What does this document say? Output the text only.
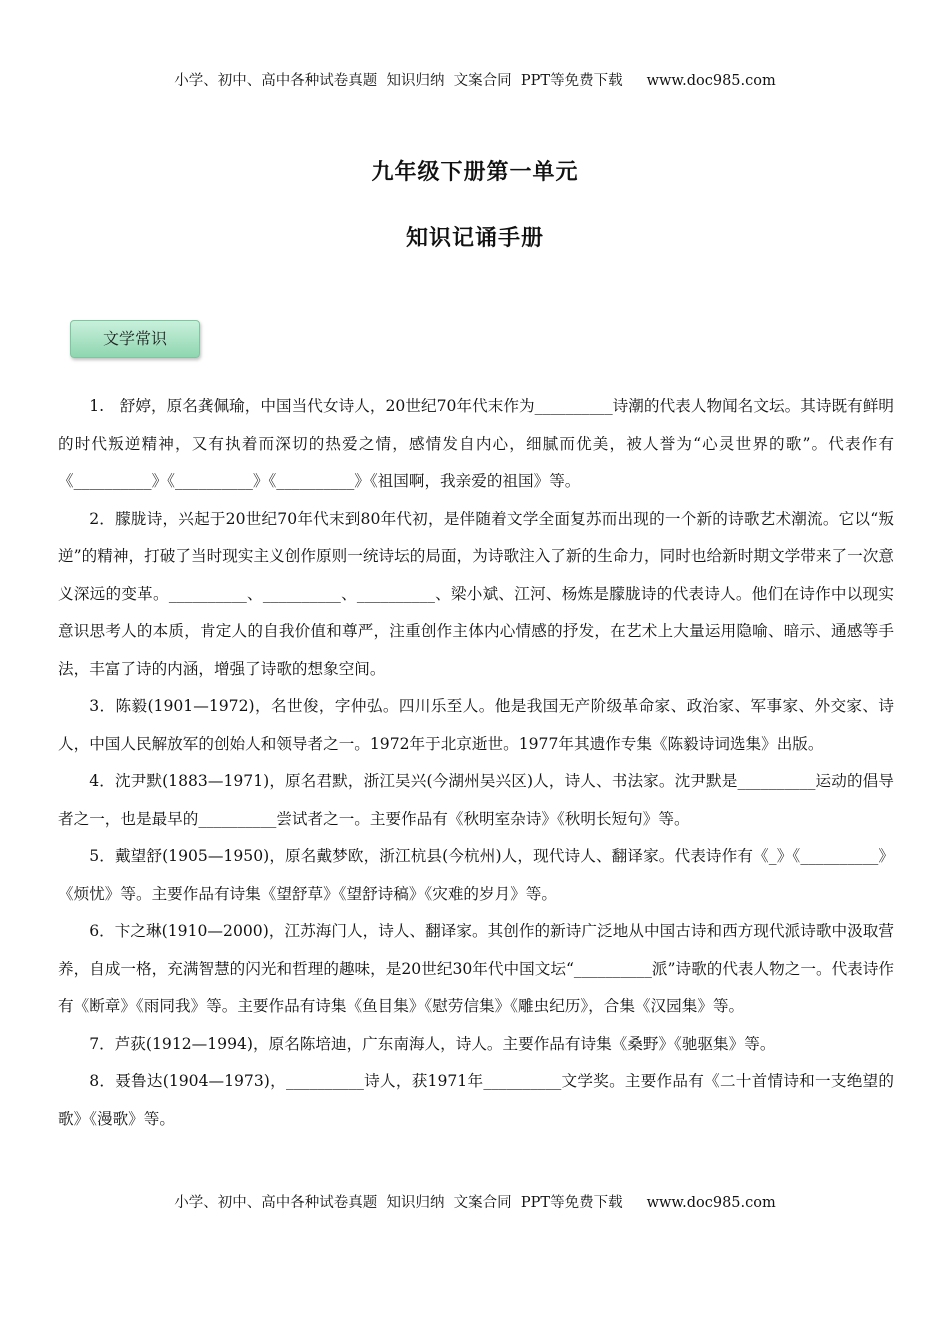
小学、初中、高中各种试卷真题  知识归纳  文案合同  PPT等免费下载 www.doc985.com
九年级下册第一单元
知识记诵手册
文学常识

1.　舒婷，原名龚佩瑜，中国当代女诗人，20世纪70年代末作为__________诗潮的代表人物闻名文坛。其诗既有鲜明的时代叛逆精神，又有执着而深切的热爱之情，感情发自内心，细腻而优美，被人誉为“心灵世界的歌”。代表作有《__________》《__________》《__________》《祖国啊，我亲爱的祖国》等。

2．朦胧诗，兴起于20世纪70年代末到80年代初，是伴随着文学全面复苏而出现的一个新的诗歌艺术潮流。它以“叛逆”的精神，打破了当时现实主义创作原则一统诗坛的局面，为诗歌注入了新的生命力，同时也给新时期文学带来了一次意义深远的变革。__________、__________、__________、梁小斌、江河、杨炼是朦胧诗的代表诗人。他们在诗作中以现实意识思考人的本质，肯定人的自我价值和尊严，注重创作主体内心情感的抒发，在艺术上大量运用隐喻、暗示、通感等手法，丰富了诗的内涵，增强了诗歌的想象空间。

3．陈毅(1901—1972)，名世俊，字仲弘。四川乐至人。他是我国无产阶级革命家、政治家、军事家、外交家、诗人，中国人民解放军的创始人和领导者之一。1972年于北京逝世。1977年其遗作专集《陈毅诗词选集》出版。

4．沈尹默(1883—1971)，原名君默，浙江吴兴(今湖州吴兴区)人，诗人、书法家。沈尹默是__________运动的倡导者之一，也是最早的__________尝试者之一。主要作品有《秋明室杂诗》《秋明长短句》等。

5．戴望舒(1905—1950)，原名戴梦欧，浙江杭县(今杭州)人，现代诗人、翻译家。代表诗作有《_》《__________》《烦忧》等。主要作品有诗集《望舒草》《望舒诗稿》《灾难的岁月》等。

6．卞之琳(1910—2000)，江苏海门人，诗人、翻译家。其创作的新诗广泛地从中国古诗和西方现代派诗歌中汲取营养，自成一格，充满智慧的闪光和哲理的趣味，是20世纪30年代中国文坛“__________派”诗歌的代表人物之一。代表诗作有《断章》《雨同我》等。主要作品有诗集《鱼目集》《慰劳信集》《雕虫纪历》，合集《汉园集》等。

7．芦荻(1912—1994)，原名陈培迪，广东南海人，诗人。主要作品有诗集《桑野》《驰驱集》等。

8．聂鲁达(1904—1973)，__________诗人，获1971年__________文学奖。主要作品有《二十首情诗和一支绝望的歌》《漫歌》等。

小学、初中、高中各种试卷真题  知识归纳  文案合同  PPT等免费下载 www.doc985.com
